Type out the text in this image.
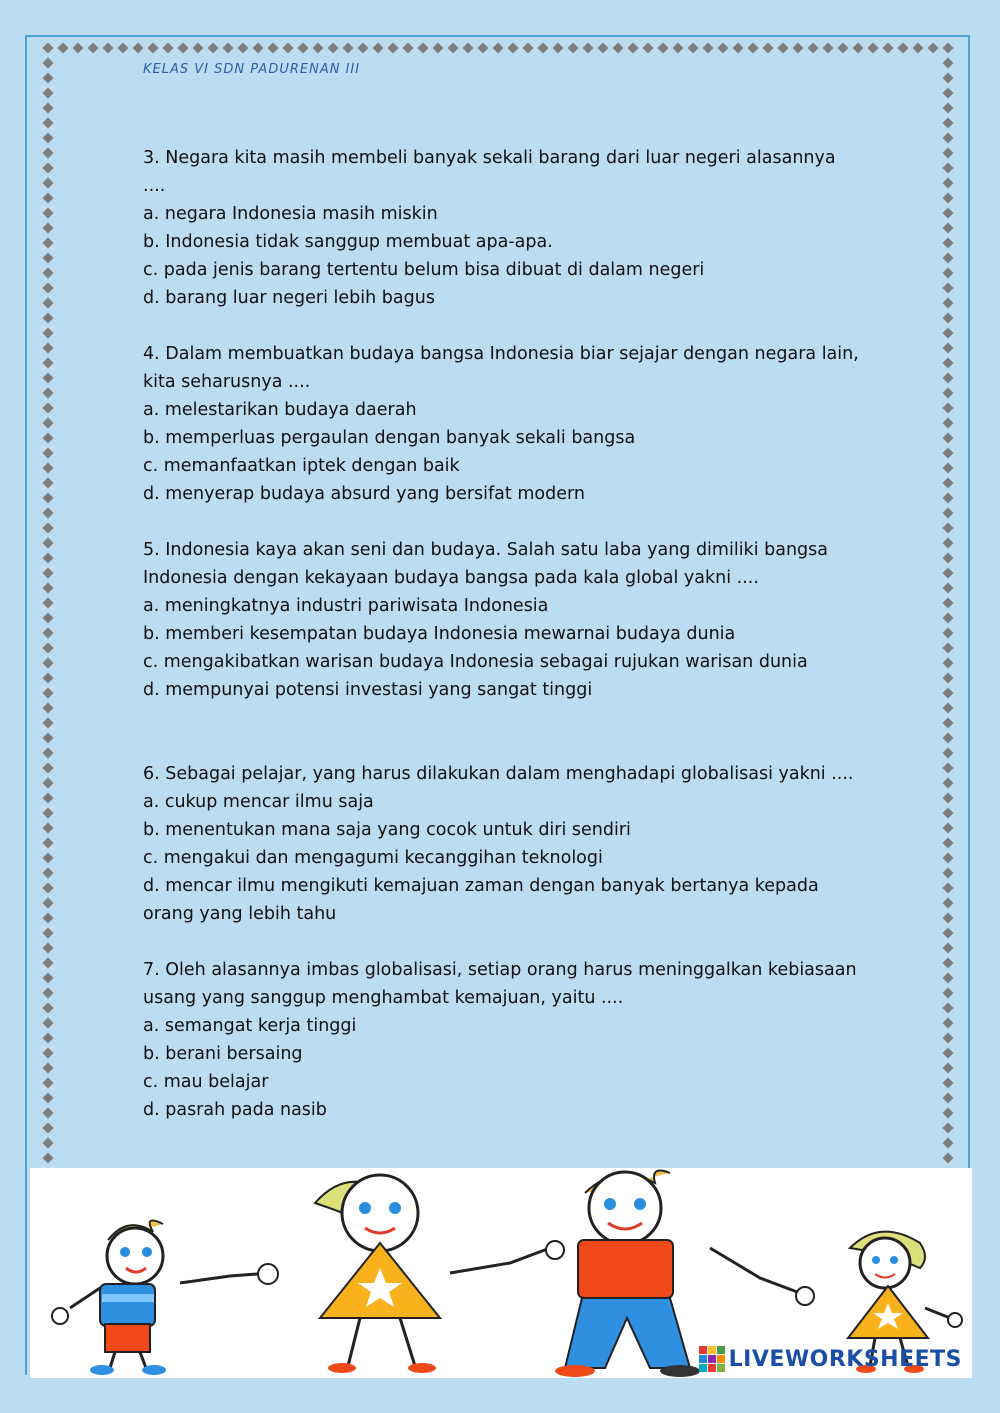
KELAS VI SDN PADURENAN III
3. Negara kita masih membeli banyak sekali barang dari luar negeri alasannya ....
a. negara Indonesia masih miskin
b. Indonesia tidak sanggup membuat apa-apa.
c. pada jenis barang tertentu belum bisa dibuat di dalam negeri
d. barang luar negeri lebih bagus
4. Dalam membuatkan budaya bangsa Indonesia biar sejajar dengan negara lain, kita seharusnya ....
a. melestarikan budaya daerah
b. memperluas pergaulan dengan banyak sekali bangsa
c. memanfaatkan iptek dengan baik
d. menyerap budaya absurd yang bersifat modern
5. Indonesia kaya akan seni dan budaya. Salah satu laba yang dimiliki bangsa Indonesia dengan kekayaan budaya bangsa pada kala global yakni ....
a. meningkatnya industri pariwisata Indonesia
b. memberi kesempatan budaya Indonesia mewarnai budaya dunia
c. mengakibatkan warisan budaya Indonesia sebagai rujukan warisan dunia
d. mempunyai potensi investasi yang sangat tinggi
6. Sebagai pelajar, yang harus dilakukan dalam menghadapi globalisasi yakni ....
a. cukup mencar ilmu saja
b. menentukan mana saja yang cocok untuk diri sendiri
c. mengakui dan mengagumi kecanggihan teknologi
d. mencar ilmu mengikuti kemajuan zaman dengan banyak bertanya kepada orang yang lebih tahu
7. Oleh alasannya imbas globalisasi, setiap orang harus meninggalkan kebiasaan usang yang sanggup menghambat kemajuan, yaitu ....
a. semangat kerja tinggi
b. berani bersaing
c. mau belajar
d. pasrah pada nasib
LIVEWORKSHEETS
